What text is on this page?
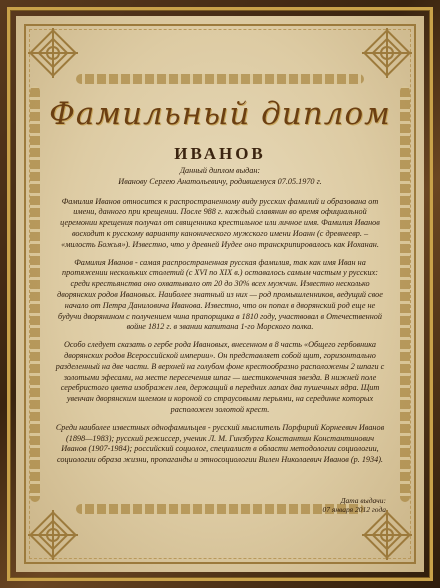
Фамильный диплом
ИВАНОВ

Данный диплом выдан:
Иванову Сергею Анатольевичу, родившемуся 07.05.1970 г.

Фамилия Иванов относится к распространенному виду русских фамилий и образована от имени, данного при крещении. После 988 г. каждый славянин во время официальной церемонии крещения получал от священника крестильное или личное имя. Фамилия Иванов восходит к русскому варианту канонического мужского имени Иоанн (с древнеевр. – «милость Божья»). Известно, что у древней Иудее оно транскрипировалось как Иоханан.

Фамилия Иванов - самая распространенная русская фамилия, так как имя Иван на протяжении нескольких столетий (с XVI по XIX в.) оставалось самым частым у русских: среди крестьянства оно охватывало от 20 до 30% всех мужчин. Известно несколько дворянских родов Ивановых. Наиболее знатный из них — род промышленников, ведущий свое начало от Петра Даниловича Иванова. Известно, что он попал в дворянский род еще не будучи дворянином с получением чина прапорщика в 1810 году, участвовал в Отечественной войне 1812 г. в звании капитана 1-го Морского полка.

Особо следует сказать о гербе рода Ивановых, внесенном в 8 часть «Общего гербовника дворянских родов Всероссийской империи». Он представляет собой щит, горизонтально разделенный на две части. В верхней на голубом фоне крестообразно расположены 2 шпаги с золотыми эфесами, на месте пересечения шпаг — шестиконечная звезда. В нижней поле серебристого цвета изображен лев, держащий в передних лапах два пушечных ядра. Щит увенчан дворянским шлемом и короной со страусовыми перьями, на серединке которых расположен золотой крест.

Среди наиболее известных однофамильцев - русский мыслитель Порфирий Корнеевич Иванов (1898—1983); русский режиссер, ученик Л. М. Гинзбурга Константин Константинович Иванов (1907-1984); российский социолог, специалист в области методологии социологии, социологии образа жизни, пропаганды и этносоциологии Вилен Николаевич Иванов (р. 1934).

Дата выдачи:
07 января 2012 года
